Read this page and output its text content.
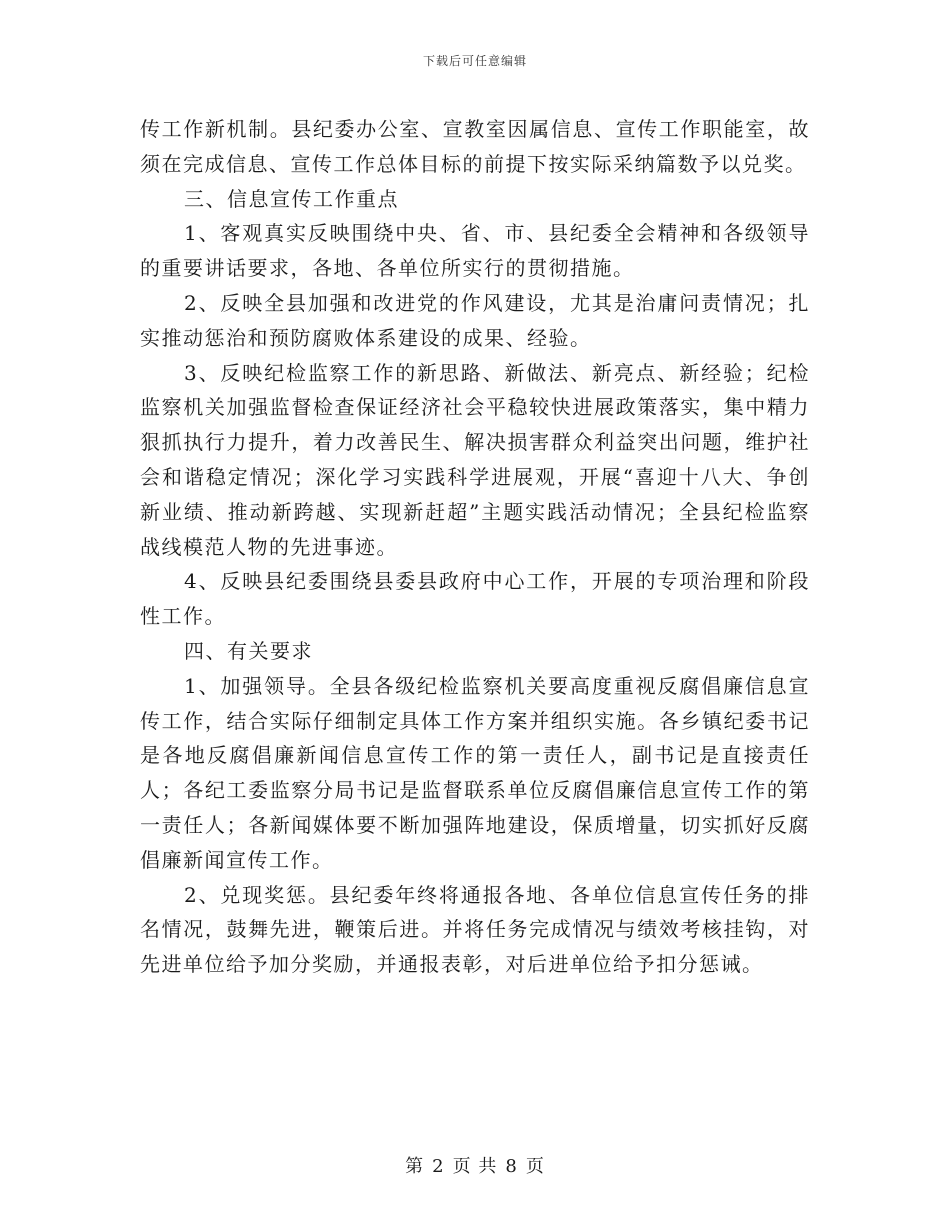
下载后可任意编辑

传工作新机制。县纪委办公室、宣教室因属信息、宣传工作职能室，故须在完成信息、宣传工作总体目标的前提下按实际采纳篇数予以兑奖。

三、信息宣传工作重点

1、客观真实反映围绕中央、省、市、县纪委全会精神和各级领导的重要讲话要求，各地、各单位所实行的贯彻措施。

2、反映全县加强和改进党的作风建设，尤其是治庸问责情况；扎实推动惩治和预防腐败体系建设的成果、经验。

3、反映纪检监察工作的新思路、新做法、新亮点、新经验；纪检监察机关加强监督检查保证经济社会平稳较快进展政策落实，集中精力狠抓执行力提升，着力改善民生、解决损害群众利益突出问题，维护社会和谐稳定情况；深化学习实践科学进展观，开展“喜迎十八大、争创新业绩、推动新跨越、实现新赶超”主题实践活动情况；全县纪检监察战线模范人物的先进事迹。

4、反映县纪委围绕县委县政府中心工作，开展的专项治理和阶段性工作。

四、有关要求

1、加强领导。全县各级纪检监察机关要高度重视反腐倡廉信息宣传工作，结合实际仔细制定具体工作方案并组织实施。各乡镇纪委书记是各地反腐倡廉新闻信息宣传工作的第一责任人，副书记是直接责任人；各纪工委监察分局书记是监督联系单位反腐倡廉信息宣传工作的第一责任人；各新闻媒体要不断加强阵地建设，保质增量，切实抓好反腐倡廉新闻宣传工作。

2、兑现奖惩。县纪委年终将通报各地、各单位信息宣传任务的排名情况，鼓舞先进，鞭策后进。并将任务完成情况与绩效考核挂钩，对先进单位给予加分奖励，并通报表彰，对后进单位给予扣分惩诫。

第 2 页 共 8 页
